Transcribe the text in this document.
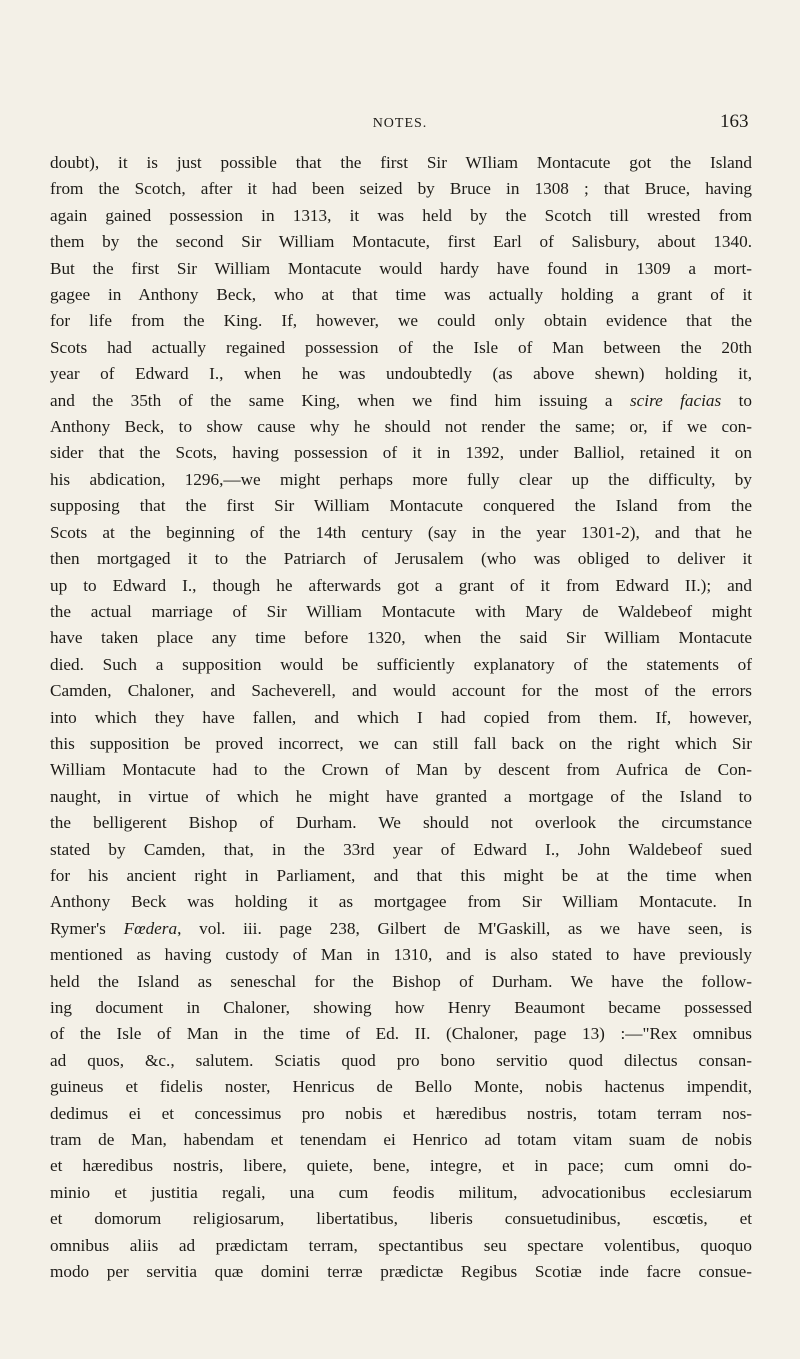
NOTES.	163
doubt), it is just possible that the first Sir WIliam Montacute got the Island
from the Scotch, after it had been seized by Bruce in 1308 ; that Bruce, having
again gained possession in 1313, it was held by the Scotch till wrested from
them by the second Sir William Montacute, first Earl of Salisbury, about 1340.
But the first Sir William Montacute would hardy have found in 1309 a mort-
gagee in Anthony Beck, who at that time was actually holding a grant of it
for life from the King. If, however, we could only obtain evidence that the
Scots had actually regained possession of the Isle of Man between the 20th
year of Edward I., when he was undoubtedly (as above shewn) holding it,
and the 35th of the same King, when we find him issuing a scire facias to
Anthony Beck, to show cause why he should not render the same; or, if we con-
sider that the Scots, having possession of it in 1392, under Balliol, retained it on
his abdication, 1296,—we might perhaps more fully clear up the difficulty, by
supposing that the first Sir William Montacute conquered the Island from the
Scots at the beginning of the 14th century (say in the year 1301-2), and that he
then mortgaged it to the Patriarch of Jerusalem (who was obliged to deliver it
up to Edward I., though he afterwards got a grant of it from Edward II.); and
the actual marriage of Sir William Montacute with Mary de Waldebeof might
have taken place any time before 1320, when the said Sir William Montacute
died. Such a supposition would be sufficiently explanatory of the statements of
Camden, Chaloner, and Sacheverell, and would account for the most of the errors
into which they have fallen, and which I had copied from them. If, however,
this supposition be proved incorrect, we can still fall back on the right which Sir
William Montacute had to the Crown of Man by descent from Aufrica de Con-
naught, in virtue of which he might have granted a mortgage of the Island to
the belligerent Bishop of Durham. We should not overlook the circumstance
stated by Camden, that, in the 33rd year of Edward I., John Waldebeof sued
for his ancient right in Parliament, and that this might be at the time when
Anthony Beck was holding it as mortgagee from Sir William Montacute. In
Rymer's Fœdera, vol. iii. page 238, Gilbert de M'Gaskill, as we have seen, is
mentioned as having custody of Man in 1310, and is also stated to have previously
held the Island as seneschal for the Bishop of Durham. We have the follow-
ing document in Chaloner, showing how Henry Beaumont became possessed
of the Isle of Man in the time of Ed. II. (Chaloner, page 13) :—"Rex omnibus
ad quos, &c., salutem. Sciatis quod pro bono servitio quod dilectus consan-
guineus et fidelis noster, Henricus de Bello Monte, nobis hactenus impendit,
dedimus ei et concessimus pro nobis et hæredibus nostris, totam terram nos-
tram de Man, habendam et tenendam ei Henrico ad totam vitam suam de nobis
et hæredibus nostris, libere, quiete, bene, integre, et in pace; cum omni do-
minio et justitia regali, una cum feodis militum, advocationibus ecclesiarum
et domorum religiosarum, libertatibus, liberis consuetudinibus, escœtis, et
omnibus aliis ad prædictam terram, spectantibus seu spectare volentibus, quoquo
modo per servitia quæ domini terræ prædictæ Regibus Scotiæ inde facre consue-
